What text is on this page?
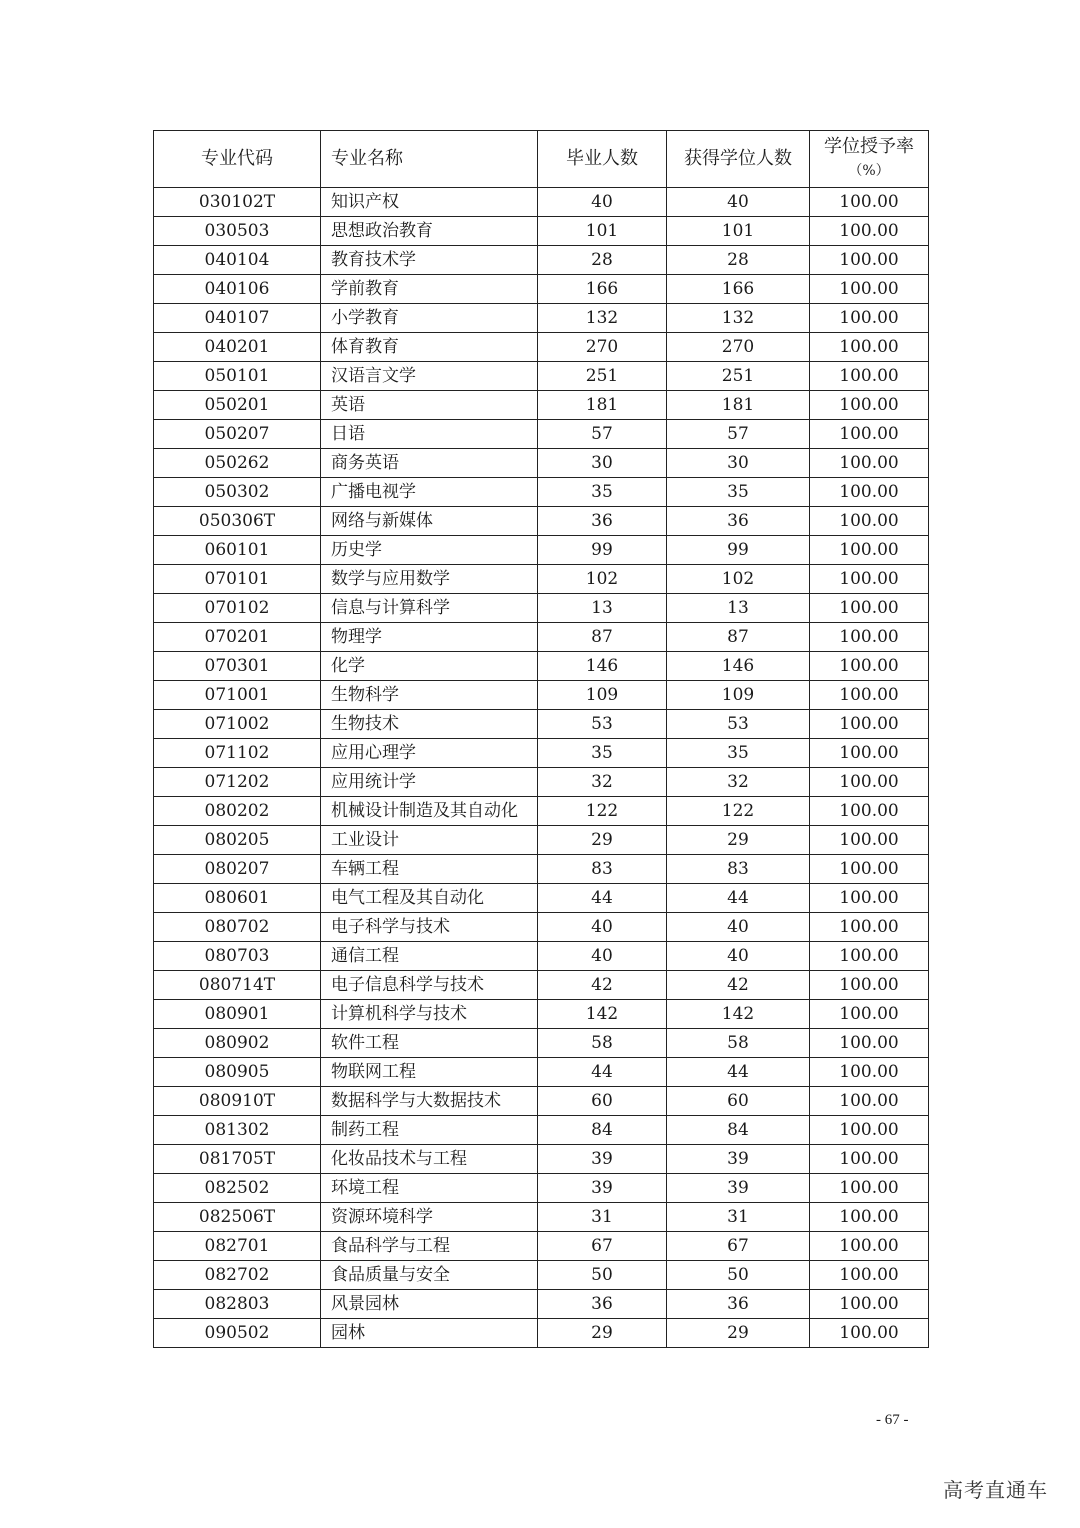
专业代码	专业名称	毕业人数	获得学位人数	学位授予率
（%）

030102T	知识产权	40	40	100.00
030503	思想政治教育	101	101	100.00
040104	教育技术学	28	28	100.00
040106	学前教育	166	166	100.00
040107	小学教育	132	132	100.00
040201	体育教育	270	270	100.00
050101	汉语言文学	251	251	100.00
050201	英语	181	181	100.00
050207	日语	57	57	100.00
050262	商务英语	30	30	100.00
050302	广播电视学	35	35	100.00
050306T	网络与新媒体	36	36	100.00
060101	历史学	99	99	100.00
070101	数学与应用数学	102	102	100.00
070102	信息与计算科学	13	13	100.00
070201	物理学	87	87	100.00
070301	化学	146	146	100.00
071001	生物科学	109	109	100.00
071002	生物技术	53	53	100.00
071102	应用心理学	35	35	100.00
071202	应用统计学	32	32	100.00
080202	机械设计制造及其自动化	122	122	100.00
080205	工业设计	29	29	100.00
080207	车辆工程	83	83	100.00
080601	电气工程及其自动化	44	44	100.00
080702	电子科学与技术	40	40	100.00
080703	通信工程	40	40	100.00
080714T	电子信息科学与技术	42	42	100.00
080901	计算机科学与技术	142	142	100.00
080902	软件工程	58	58	100.00
080905	物联网工程	44	44	100.00
080910T	数据科学与大数据技术	60	60	100.00
081302	制药工程	84	84	100.00
081705T	化妆品技术与工程	39	39	100.00
082502	环境工程	39	39	100.00
082506T	资源环境科学	31	31	100.00
082701	食品科学与工程	67	67	100.00
082702	食品质量与安全	50	50	100.00
082803	风景园林	36	36	100.00
090502	园林	29	29	100.00
- 67 -
高考直通车
